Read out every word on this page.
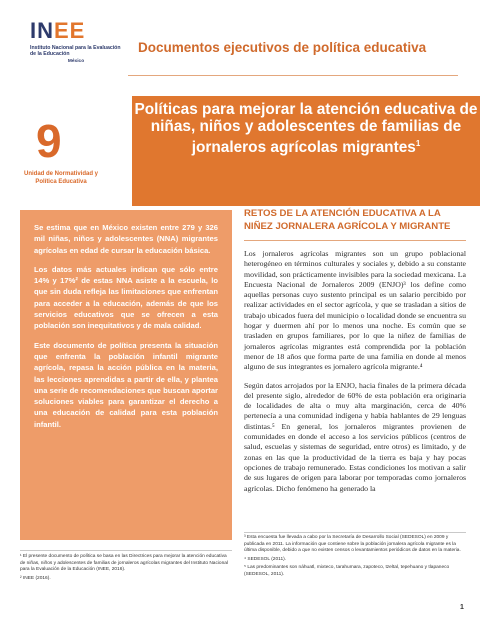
INEE
Instituto Nacional para la Evaluación de la Educación
México
Documentos ejecutivos de política educativa
9
Unidad de Normatividad y Política Educativa
Políticas para mejorar la atención educativa de niñas, niños y adolescentes de familias de jornaleros agrícolas migrantes$^1$

Se estima que en México existen entre 279 y 326 mil niñas, niños y adolescentes (NNA) migrantes agrícolas en edad de cursar la educación básica.

Los datos más actuales indican que sólo entre 14% y 17%² de estas NNA asiste a la escuela, lo que sin duda refleja las limitaciones que enfrentan para acceder a la educación, además de que los servicios educativos que se ofrecen a esta población son inequitativos y de mala calidad.

Este documento de política presenta la situación que enfrenta la población infantil migrante agrícola, repasa la acción pública en la materia, las lecciones aprendidas a partir de ella, y plantea una serie de recomendaciones que buscan aportar soluciones viables para garantizar el derecho a una educación de calidad para esta población infantil.

RETOS DE LA ATENCIÓN EDUCATIVA A LA NIÑEZ JORNALERA AGRÍCOLA Y MIGRANTE

Los jornaleros agrícolas migrantes son un grupo poblacional heterogéneo en términos culturales y sociales y, debido a su constante movilidad, son prácticamente invisibles para la sociedad mexicana. La Encuesta Nacional de Jornaleros 2009 (ENJO)³ los define como aquellas personas cuyo sustento principal es un salario percibido por realizar actividades en el sector agrícola, y que se trasladan a sitios de trabajo ubicados fuera del municipio o localidad donde se encuentra su hogar y duermen ahí por lo menos una noche. Es común que se trasladen en grupos familiares, por lo que la niñez de familias de jornaleros agrícolas migrantes está comprendida por la población menor de 18 años que forma parte de una familia en donde al menos alguno de sus integrantes es jornalero agrícola migrante.⁴

Según datos arrojados por la ENJO, hacia finales de la primera década del presente siglo, alrededor de 60% de esta población era originaria de localidades de alta o muy alta marginación, cerca de 40% pertenecía a una comunidad indígena y había hablantes de 29 lenguas distintas.⁵ En general, los jornaleros migrantes provienen de comunidades en donde el acceso a los servicios públicos (centros de salud, escuelas y sistemas de seguridad, entre otros) es limitado, y de zonas en las que la productividad de la tierra es baja y hay pocas opciones de trabajo remunerado. Estas condiciones los motivan a salir de sus lugares de origen para laborar por temporadas como jornaleros agrícolas. Dicho fenómeno ha generado la

¹ El presente documento de política se basa en las Directrices para mejorar la atención educativa de niñas, niños y adolescentes de familias de jornaleros agrícolas migrantes del Instituto Nacional para la Evaluación de la Educación (INEE, 2016).

² INEE (2016).

³ Esta encuesta fue llevada a cabo por la Secretaría de Desarrollo Social (SEDESOL) en 2009 y publicada en 2011. La información que contiene sobre la población jornalera agrícola migrante es la última disponible, debido a que no existen censos o levantamientos periódicos de datos en la materia.

⁴ SEDESOL (2011).

⁵ Las predominantes son náhuatl, mixteco, tarahumara, zapoteco, tzeltal, tepehuano y tlapaneco (SEDESOL, 2011).

1
